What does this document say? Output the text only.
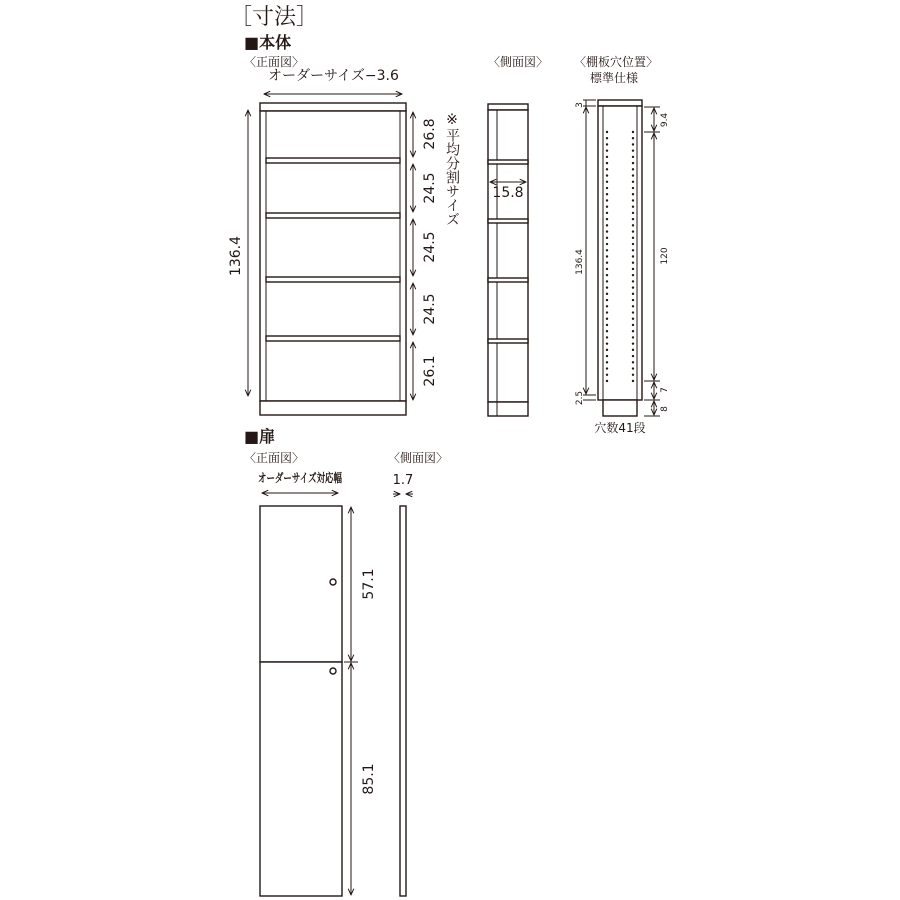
［寸法］
■本体
〈正面図〉
オーダーサイズ−3.6
136.4
26.8
24.5
24.5
24.5
26.1
※平均分割サイズ
〈側面図〉
15.8
〈棚板穴位置〉
標準仕様
3
136.4
2.5
9.4
120
7
8
穴数41段
■扉
〈正面図〉
オーダーサイズ対応幅
57.1
85.1
〈側面図〉
1.7
